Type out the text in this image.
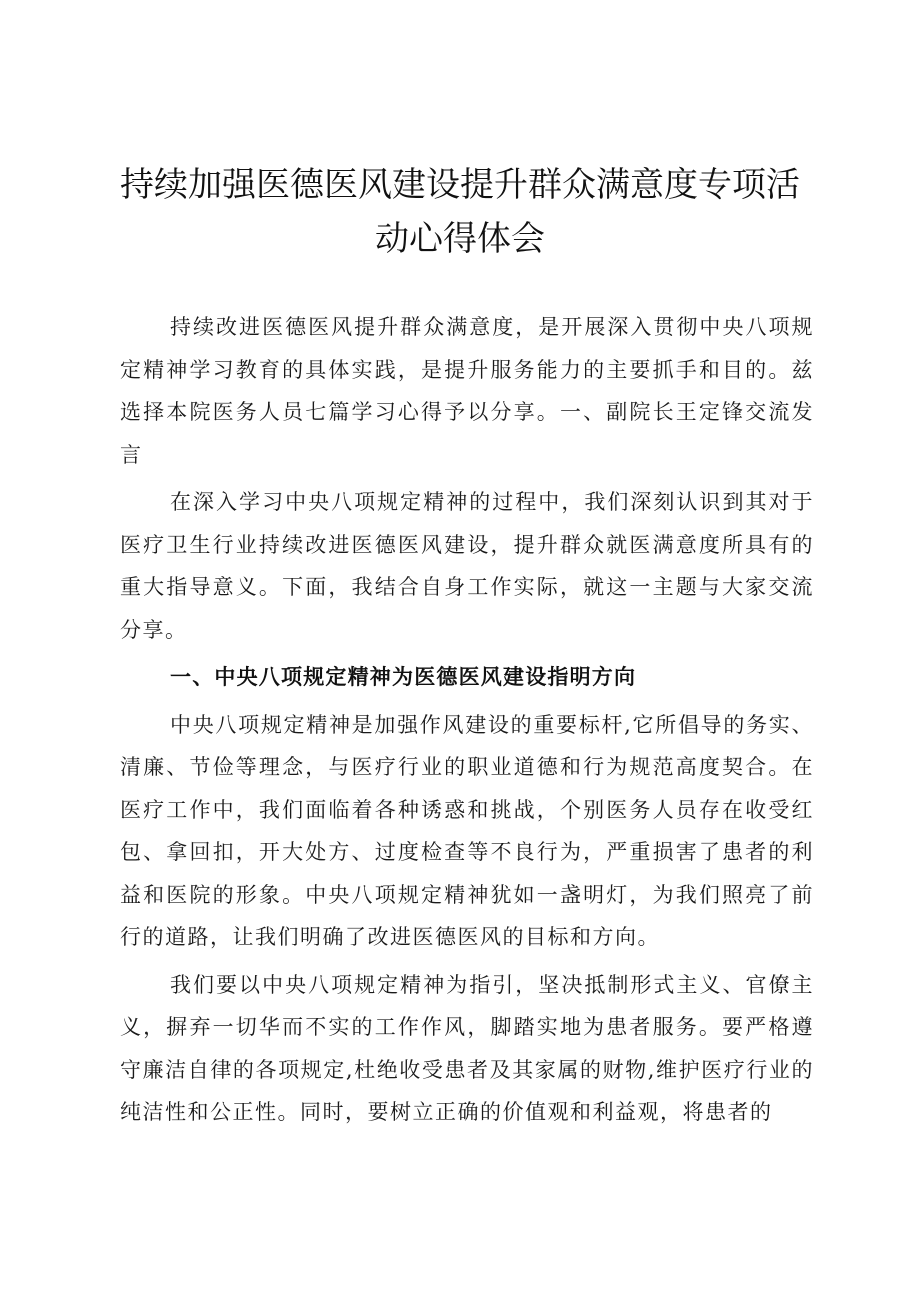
持续加强医德医风建设提升群众满意度专项活
动心得体会

持续改进医德医风提升群众满意度，是开展深入贯彻中央八项规定精神学习教育的具体实践，是提升服务能力的主要抓手和目的。兹选择本院医务人员七篇学习心得予以分享。一、副院长王定锋交流发言

在深入学习中央八项规定精神的过程中，我们深刻认识到其对于医疗卫生行业持续改进医德医风建设，提升群众就医满意度所具有的重大指导意义。下面，我结合自身工作实际，就这一主题与大家交流分享。

一、中央八项规定精神为医德医风建设指明方向

中央八项规定精神是加强作风建设的重要标杆,它所倡导的务实、清廉、节俭等理念，与医疗行业的职业道德和行为规范高度契合。在医疗工作中，我们面临着各种诱惑和挑战，个别医务人员存在收受红包、拿回扣，开大处方、过度检查等不良行为，严重损害了患者的利益和医院的形象。中央八项规定精神犹如一盏明灯，为我们照亮了前行的道路，让我们明确了改进医德医风的目标和方向。

我们要以中央八项规定精神为指引，坚决抵制形式主义、官僚主义，摒弃一切华而不实的工作作风，脚踏实地为患者服务。要严格遵守廉洁自律的各项规定,杜绝收受患者及其家属的财物,维护医疗行业的纯洁性和公正性。同时，要树立正确的价值观和利益观，将患者的
